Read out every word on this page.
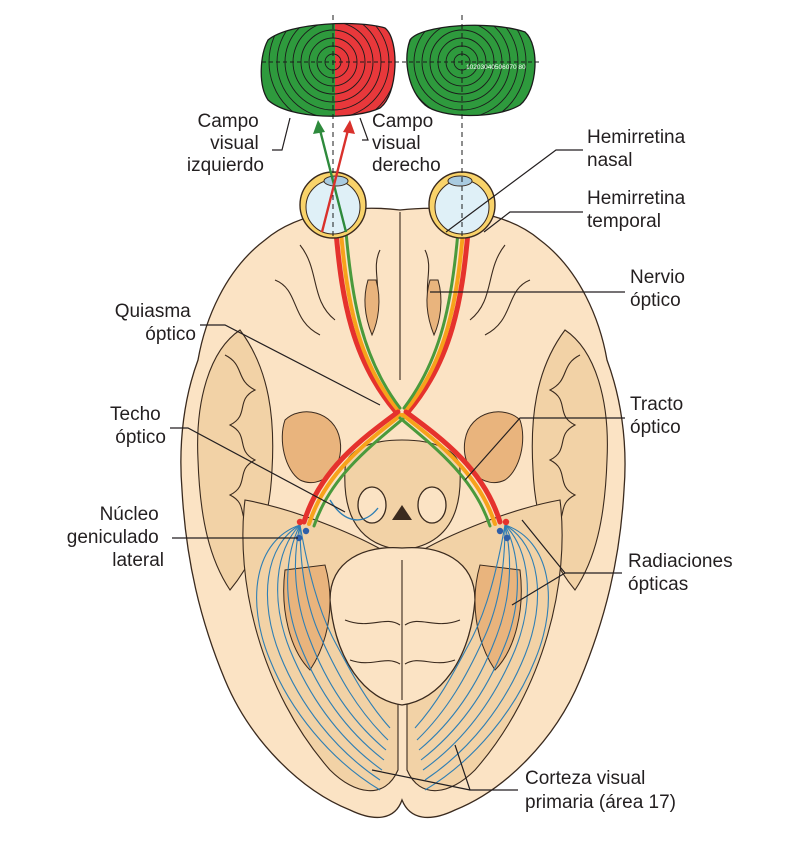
10203040506070 80
Campo visual izquierdo
Campo visual derecho
Hemirretina nasal
Hemirretina temporal
Nervio óptico
Quiasma óptico
Techo óptico
Tracto óptico
Núcleo geniculado lateral	Radiaciones ópticas
Corteza visual primaria (área 17)
